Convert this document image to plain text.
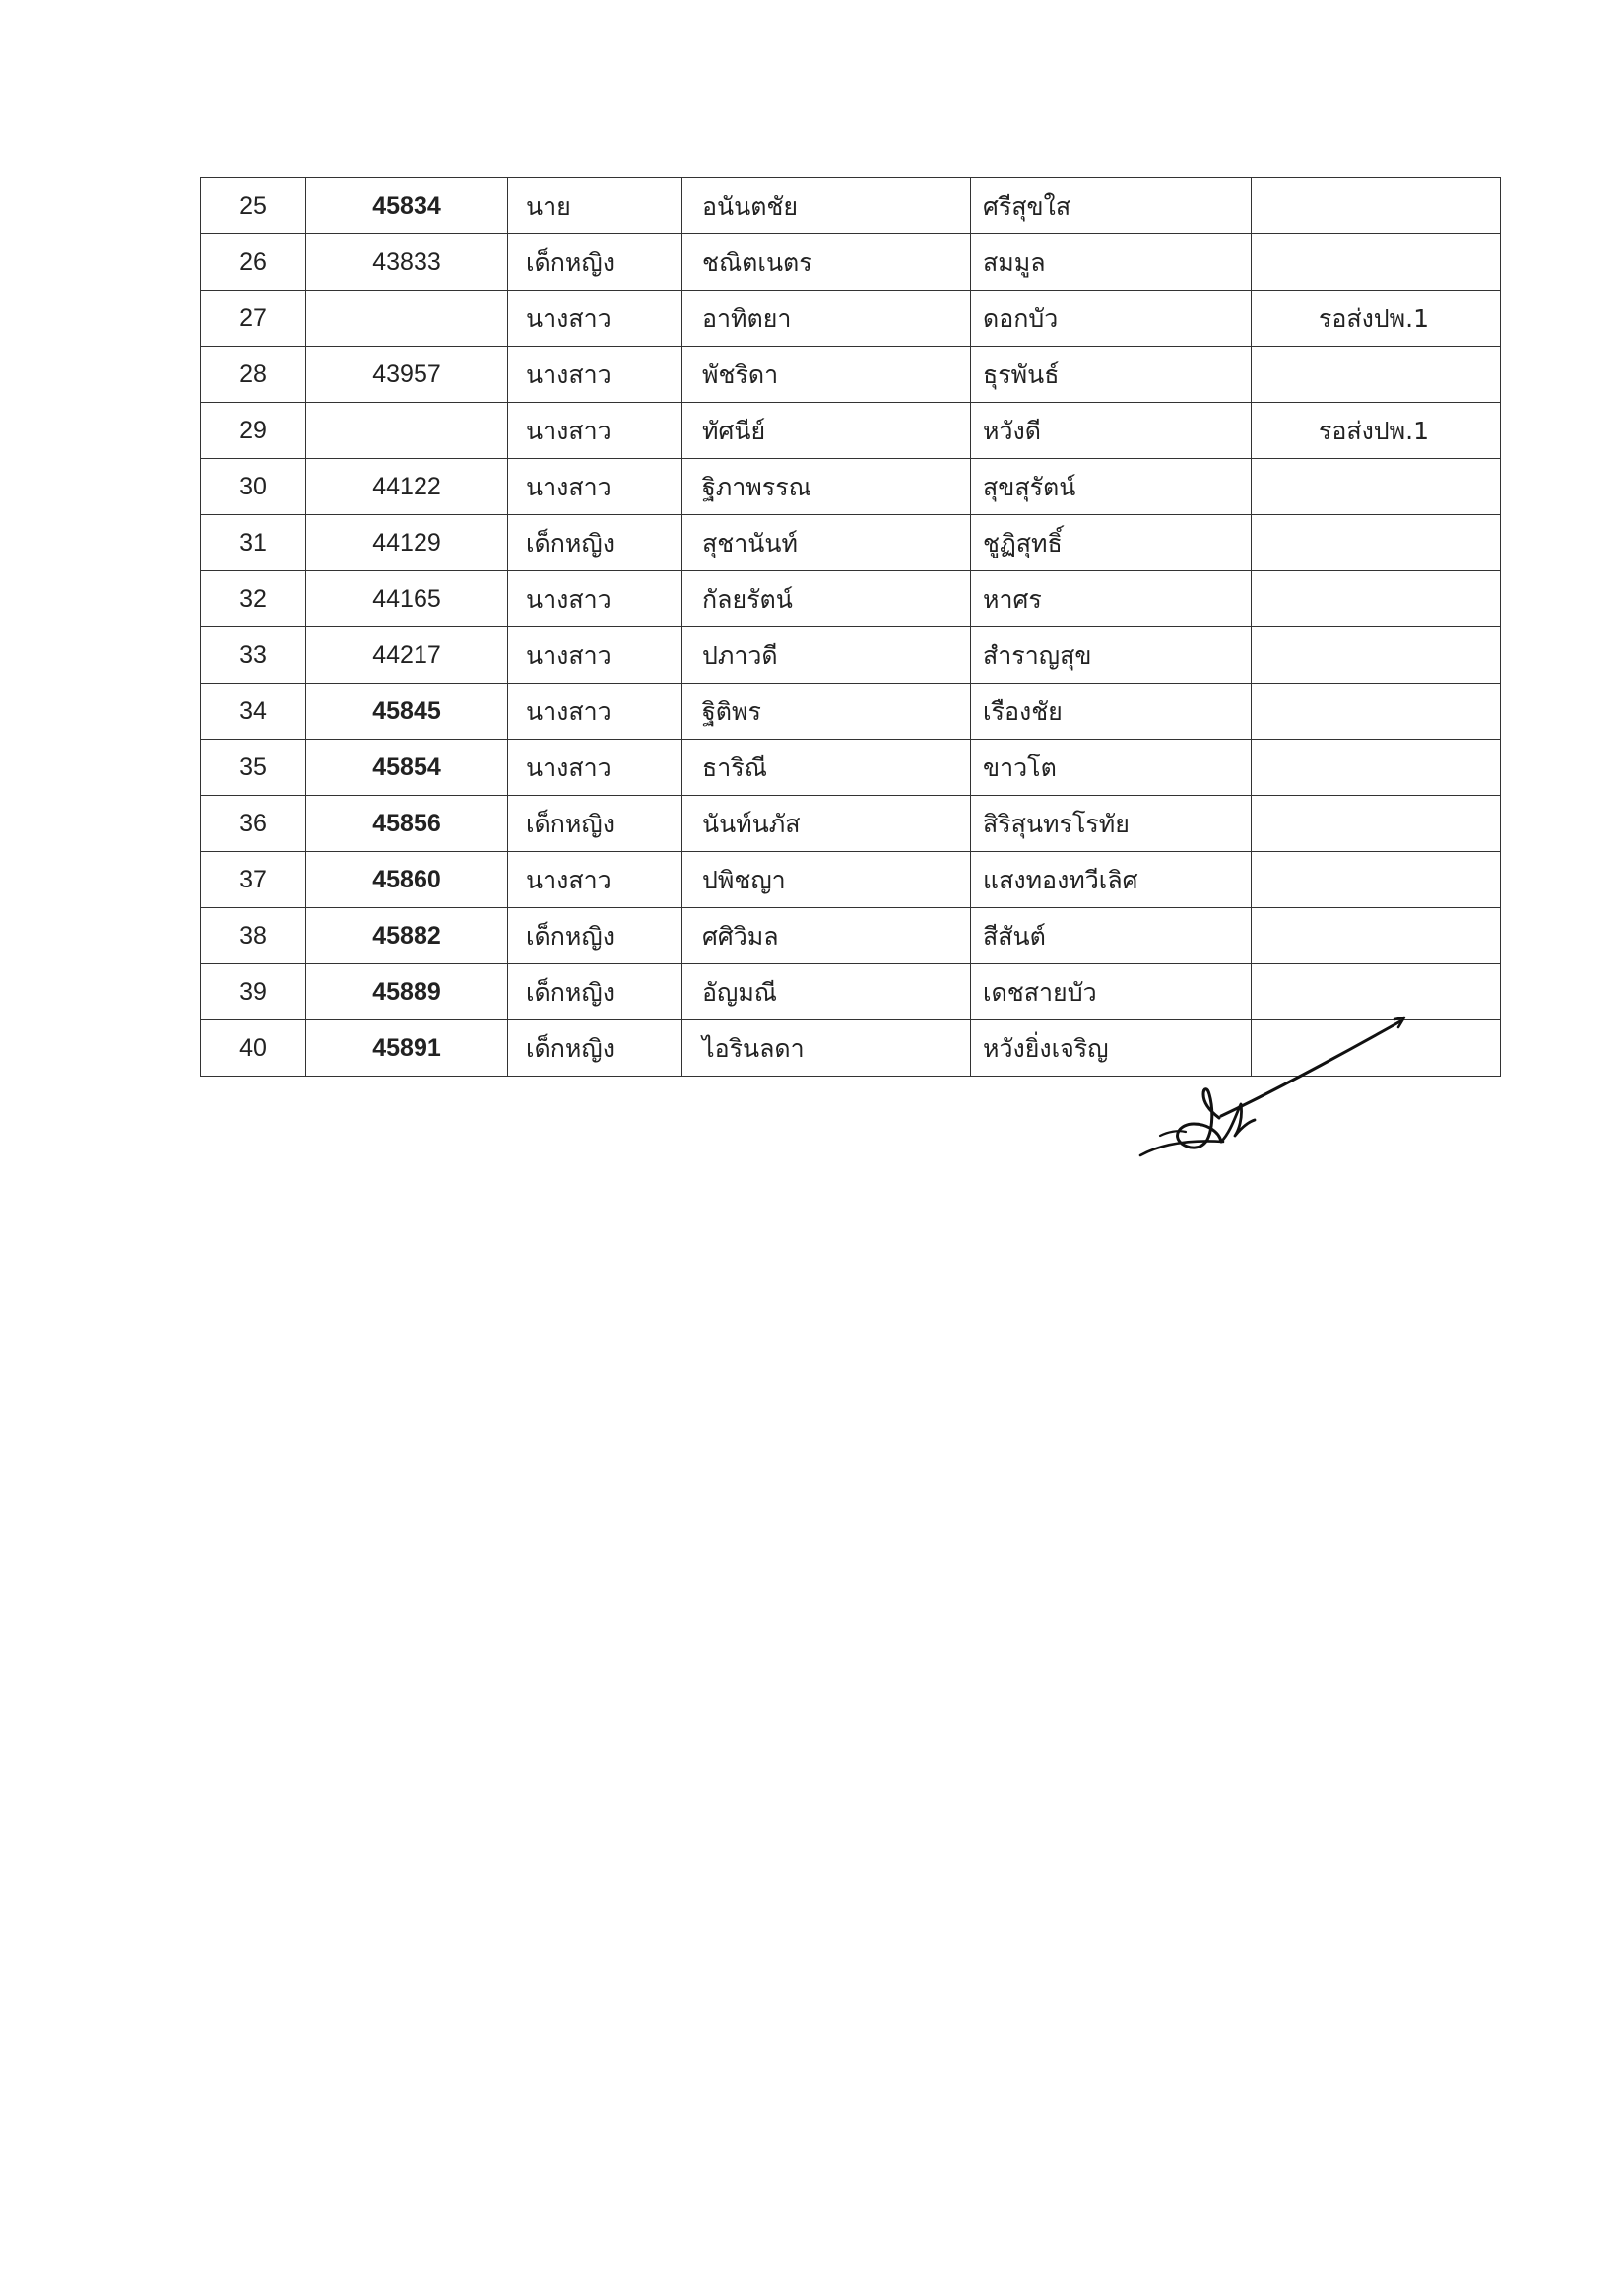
25	45834	นาย	อนันตชัย	ศรีสุขใส	
26	43833	เด็กหญิง	ชณิตเนตร	สมมูล	
27		นางสาว	อาทิตยา	ดอกบัว	รอส่งปพ.1
28	43957	นางสาว	พัชริดา	ธุรพันธ์	
29		นางสาว	ทัศนีย์	หวังดี	รอส่งปพ.1
30	44122	นางสาว	ฐิภาพรรณ	สุขสุรัตน์	
31	44129	เด็กหญิง	สุชานันท์	ชูฏิสุทธิ์	
32	44165	นางสาว	กัลยรัตน์	หาศร	
33	44217	นางสาว	ปภาวดี	สำราญสุข	
34	45845	นางสาว	ฐิติพร	เรืองชัย	
35	45854	นางสาว	ธาริณี	ขาวโต	
36	45856	เด็กหญิง	นันท์นภัส	สิริสุนทรโรทัย	
37	45860	นางสาว	ปพิชญา	แสงทองทวีเลิศ	
38	45882	เด็กหญิง	ศศิวิมล	สีสันต์	
39	45889	เด็กหญิง	อัญมณี	เดชสายบัว	
40	45891	เด็กหญิง	ไอรินลดา	หวังยิ่งเจริญ	
